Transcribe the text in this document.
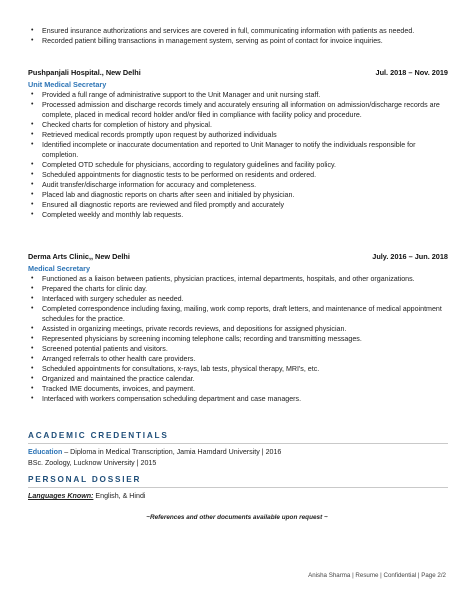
• Ensured insurance authorizations and services are covered in full, communicating information with patients as needed.
• Recorded patient billing transactions in management system, serving as point of contact for invoice inquiries.
Pushpanjali Hospital., New Delhi	Jul. 2018 – Nov. 2019
Unit Medical Secretary
• Provided a full range of administrative support to the Unit Manager and unit nursing staff.
• Processed admission and discharge records timely and accurately ensuring all information on admission/discharge records are complete, placed in medical record holder and/or filed in compliance with facility policy and procedure.
• Checked charts for completion of history and physical.
• Retrieved medical records promptly upon request by authorized individuals
• Identified incomplete or inaccurate documentation and reported to Unit Manager to notify the individuals responsible for completion.
• Completed OTD schedule for physicians, according to regulatory guidelines and facility policy.
• Scheduled appointments for diagnostic tests to be performed on residents and ordered.
• Audit transfer/discharge information for accuracy and completeness.
• Placed lab and diagnostic reports on charts after seen and initialed by physician.
• Ensured all diagnostic reports are reviewed and filed promptly and accurately
• Completed weekly and monthly lab requests.
Derma Arts Clinic,, New Delhi	July. 2016 – Jun. 2018
Medical Secretary
• Functioned as a liaison between patients, physician practices, internal departments, hospitals, and other organizations.
• Prepared the charts for clinic day.
• Interfaced with surgery scheduler as needed.
• Completed correspondence including faxing, mailing, work comp reports, draft letters, and maintenance of medical appointment schedules for the practice.
• Assisted in organizing meetings, private records reviews, and depositions for assigned physician.
• Represented physicians by screening incoming telephone calls; recording and transmitting messages.
• Screened potential patients and visitors.
• Arranged referrals to other health care providers.
• Scheduled appointments for consultations, x-rays, lab tests, physical therapy, MRI's, etc.
• Organized and maintained the practice calendar.
• Tracked IME documents, invoices, and payment.
• Interfaced with workers compensation scheduling department and case managers.
ACADEMIC CREDENTIALS
Education – Diploma in Medical Transcription, Jamia Hamdard University | 2016
BSc. Zoology, Lucknow University | 2015
PERSONAL DOSSIER
Languages Known: English, & Hindi
~References and other documents available upon request ~
Anisha Sharma | Resume | Confidential | Page 2/2
